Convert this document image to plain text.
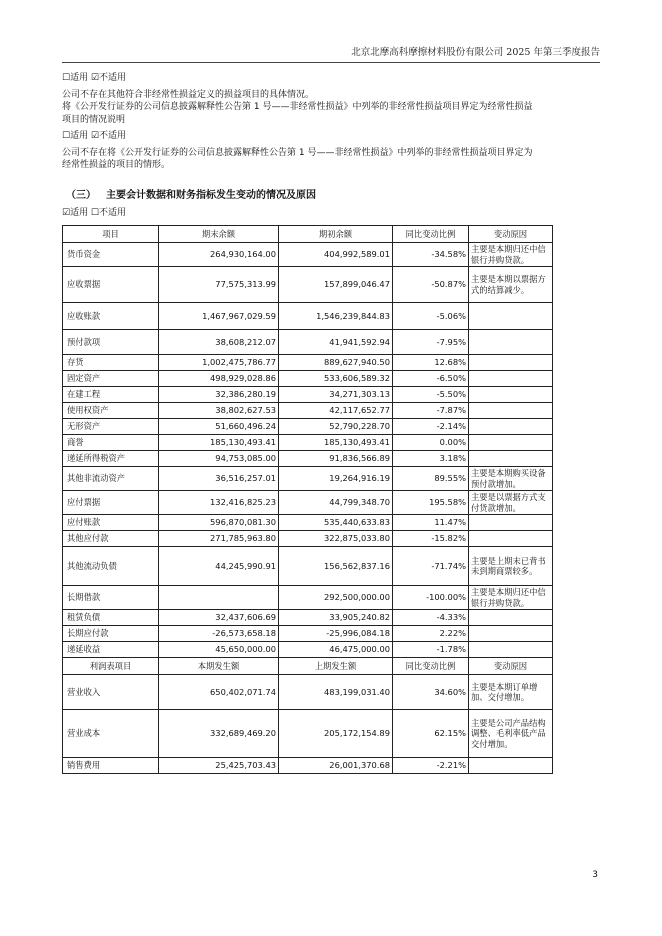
北京北摩高科摩擦材料股份有限公司 2025 年第三季度报告

☐适用 ☑不适用

公司不存在其他符合非经常性损益定义的损益项目的具体情况。

将《公开发行证券的公司信息披露解释性公告第 1 号——非经常性损益》中列举的非经常性损益项目界定为经常性损益

项目的情况说明

☐适用 ☑不适用

公司不存在将《公开发行证券的公司信息披露解释性公告第 1 号——非经常性损益》中列举的非经常性损益项目界定为

经常性损益的项目的情形。

（三） 主要会计数据和财务指标发生变动的情况及原因

☑适用 ☐不适用

项目	期末余额	期初余额	同比变动比例	变动原因
货币资金	264,930,164.00	404,992,589.01	-34.58%	主要是本期归还中信银行并购贷款。
应收票据	77,575,313.99	157,899,046.47	-50.87%	主要是本期以票据方式的结算减少。
应收账款	1,467,967,029.59	1,546,239,844.83	-5.06%	
预付款项	38,608,212.07	41,941,592.94	-7.95%	
存货	1,002,475,786.77	889,627,940.50	12.68%	
固定资产	498,929,028.86	533,606,589.32	-6.50%	
在建工程	32,386,280.19	34,271,303.13	-5.50%	
使用权资产	38,802,627.53	42,117,652.77	-7.87%	
无形资产	51,660,496.24	52,790,228.70	-2.14%	
商誉	185,130,493.41	185,130,493.41	0.00%	
递延所得税资产	94,753,085.00	91,836,566.89	3.18%	
其他非流动资产	36,516,257.01	19,264,916.19	89.55%	主要是本期购买设备预付款增加。
应付票据	132,416,825.23	44,799,348.70	195.58%	主要是以票据方式支付货款增加。
应付账款	596,870,081.30	535,440,633.83	11.47%	
其他应付款	271,785,963.80	322,875,033.80	-15.82%	
其他流动负债	44,245,990.91	156,562,837.16	-71.74%	主要是上期末已背书未到期商票较多。
长期借款		292,500,000.00	-100.00%	主要是本期归还中信银行并购贷款。
租赁负债	32,437,606.69	33,905,240.82	-4.33%	
长期应付款	-26,573,658.18	-25,996,084.18	2.22%	
递延收益	45,650,000.00	46,475,000.00	-1.78%	
利润表项目	本期发生额	上期发生额	同比变动比例	变动原因
营业收入	650,402,071.74	483,199,031.40	34.60%	主要是本期订单增加、交付增加。
营业成本	332,689,469.20	205,172,154.89	62.15%	主要是公司产品结构调整、毛利率低产品交付增加。
销售费用	25,425,703.43	26,001,370.68	-2.21%	
3
